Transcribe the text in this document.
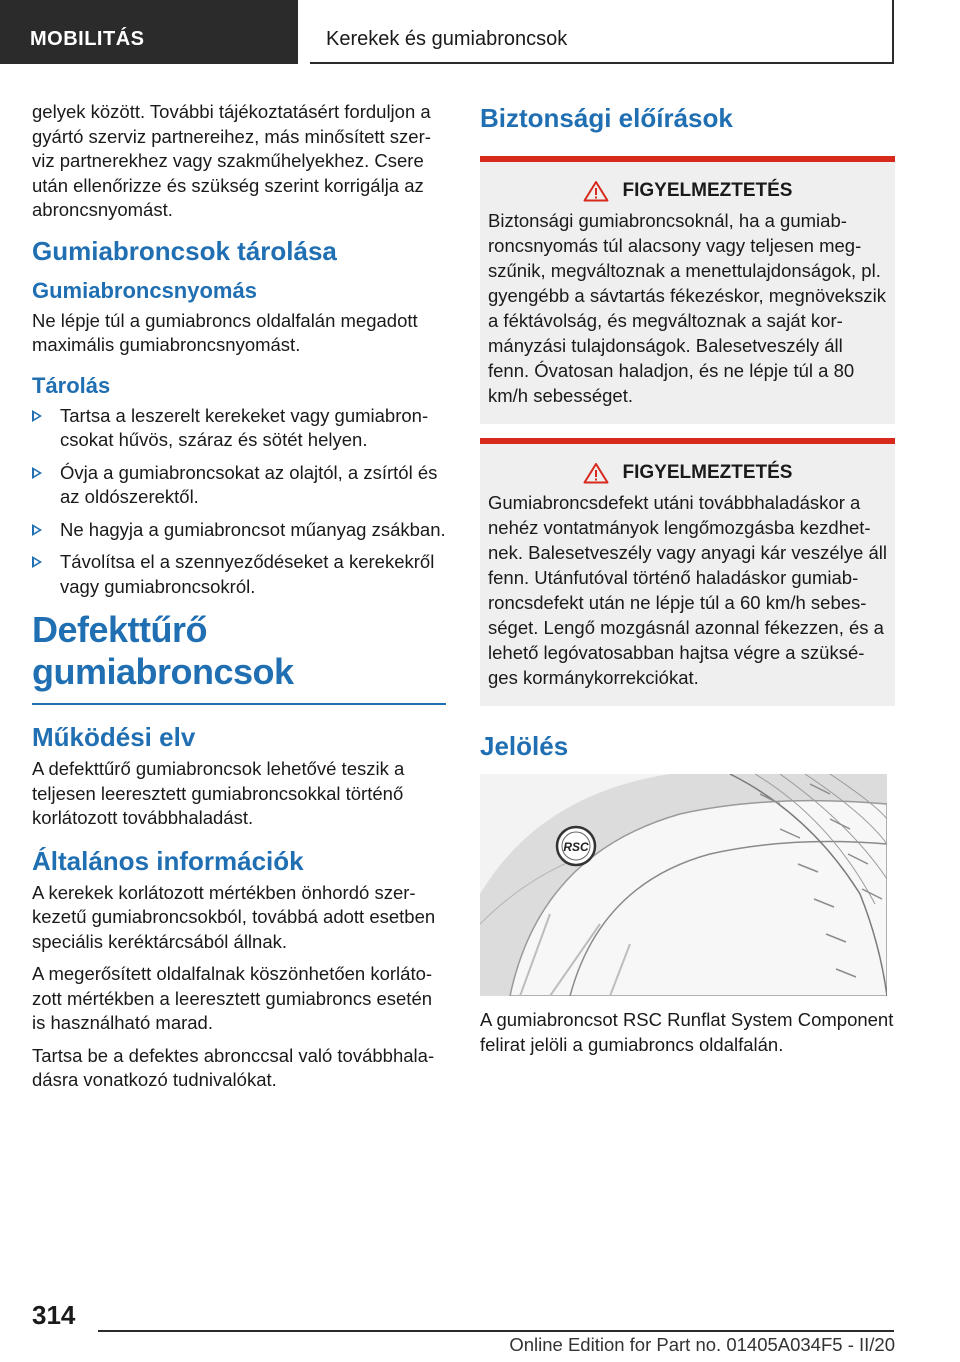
MOBILITÁS	Kerekek és gumiabroncsok

gelyek között. További tájékoztatásért forduljon a gyártó szerviz partnereihez, más minősített szerviz partnerekhez vagy szakműhelyekhez. Csere után ellenőrizze és szükség szerint korrigálja az abroncsnyomást.

Gumiabroncsok tárolása
Gumiabroncsnyomás

Ne lépje túl a gumiabroncs oldalfalán megadott maximális gumiabroncsnyomást.

Tárolás
Tartsa a leszerelt kerekeket vagy gumiabroncsokat hűvös, száraz és sötét helyen.
Óvja a gumiabroncsokat az olajtól, a zsírtól és az oldószerektől.
Ne hagyja a gumiabroncsot műanyag zsákban.
Távolítsa el a szennyeződéseket a kerekekről vagy gumiabroncsokról.
Defekttűrő gumiabroncsok
Működési elv

A defekttűrő gumiabroncsok lehetővé teszik a teljesen leeresztett gumiabroncsokkal történő korlátozott továbbhaladást.

Általános információk

A kerekek korlátozott mértékben önhordó szerkezetű gumiabroncsokból, továbbá adott esetben speciális keréktárcsából állnak.

A megerősített oldalfalnak köszönhetően korlátozott mértékben a leeresztett gumiabroncs esetén is használható marad.

Tartsa be a defektes abronccsal való továbbhaladásra vonatkozó tudnivalókat.

Biztonsági előírások
FIGYELMEZTETÉS

Biztonsági gumiabroncsoknál, ha a gumiabroncsnyomás túl alacsony vagy teljesen megszűnik, megváltoznak a menettulajdonságok, pl. gyengébb a sávtartás fékezéskor, megnövekszik a féktávolság, és megváltoznak a saját kormányzási tulajdonságok. Balesetveszély áll fenn. Óvatosan haladjon, és ne lépje túl a 80 km/h sebességet.

FIGYELMEZTETÉS

Gumiabroncsdefekt utáni továbbhaladáskor a nehéz vontatmányok lengőmozgásba kezdhetnek. Balesetveszély vagy anyagi kár veszélye áll fenn. Utánfutóval történő haladáskor gumiabroncsdefekt után ne lépje túl a 60 km/h sebességet. Lengő mozgásnál azonnal fékezzen, és a lehető legóvatosabban hajtsa végre a szükséges kormánykorrekciókat.

Jelölés
RSC

A gumiabroncsot RSC Runflat System Component felirat jelöli a gumiabroncs oldalfalán.

314
Online Edition for Part no. 01405A034F5 - II/20
